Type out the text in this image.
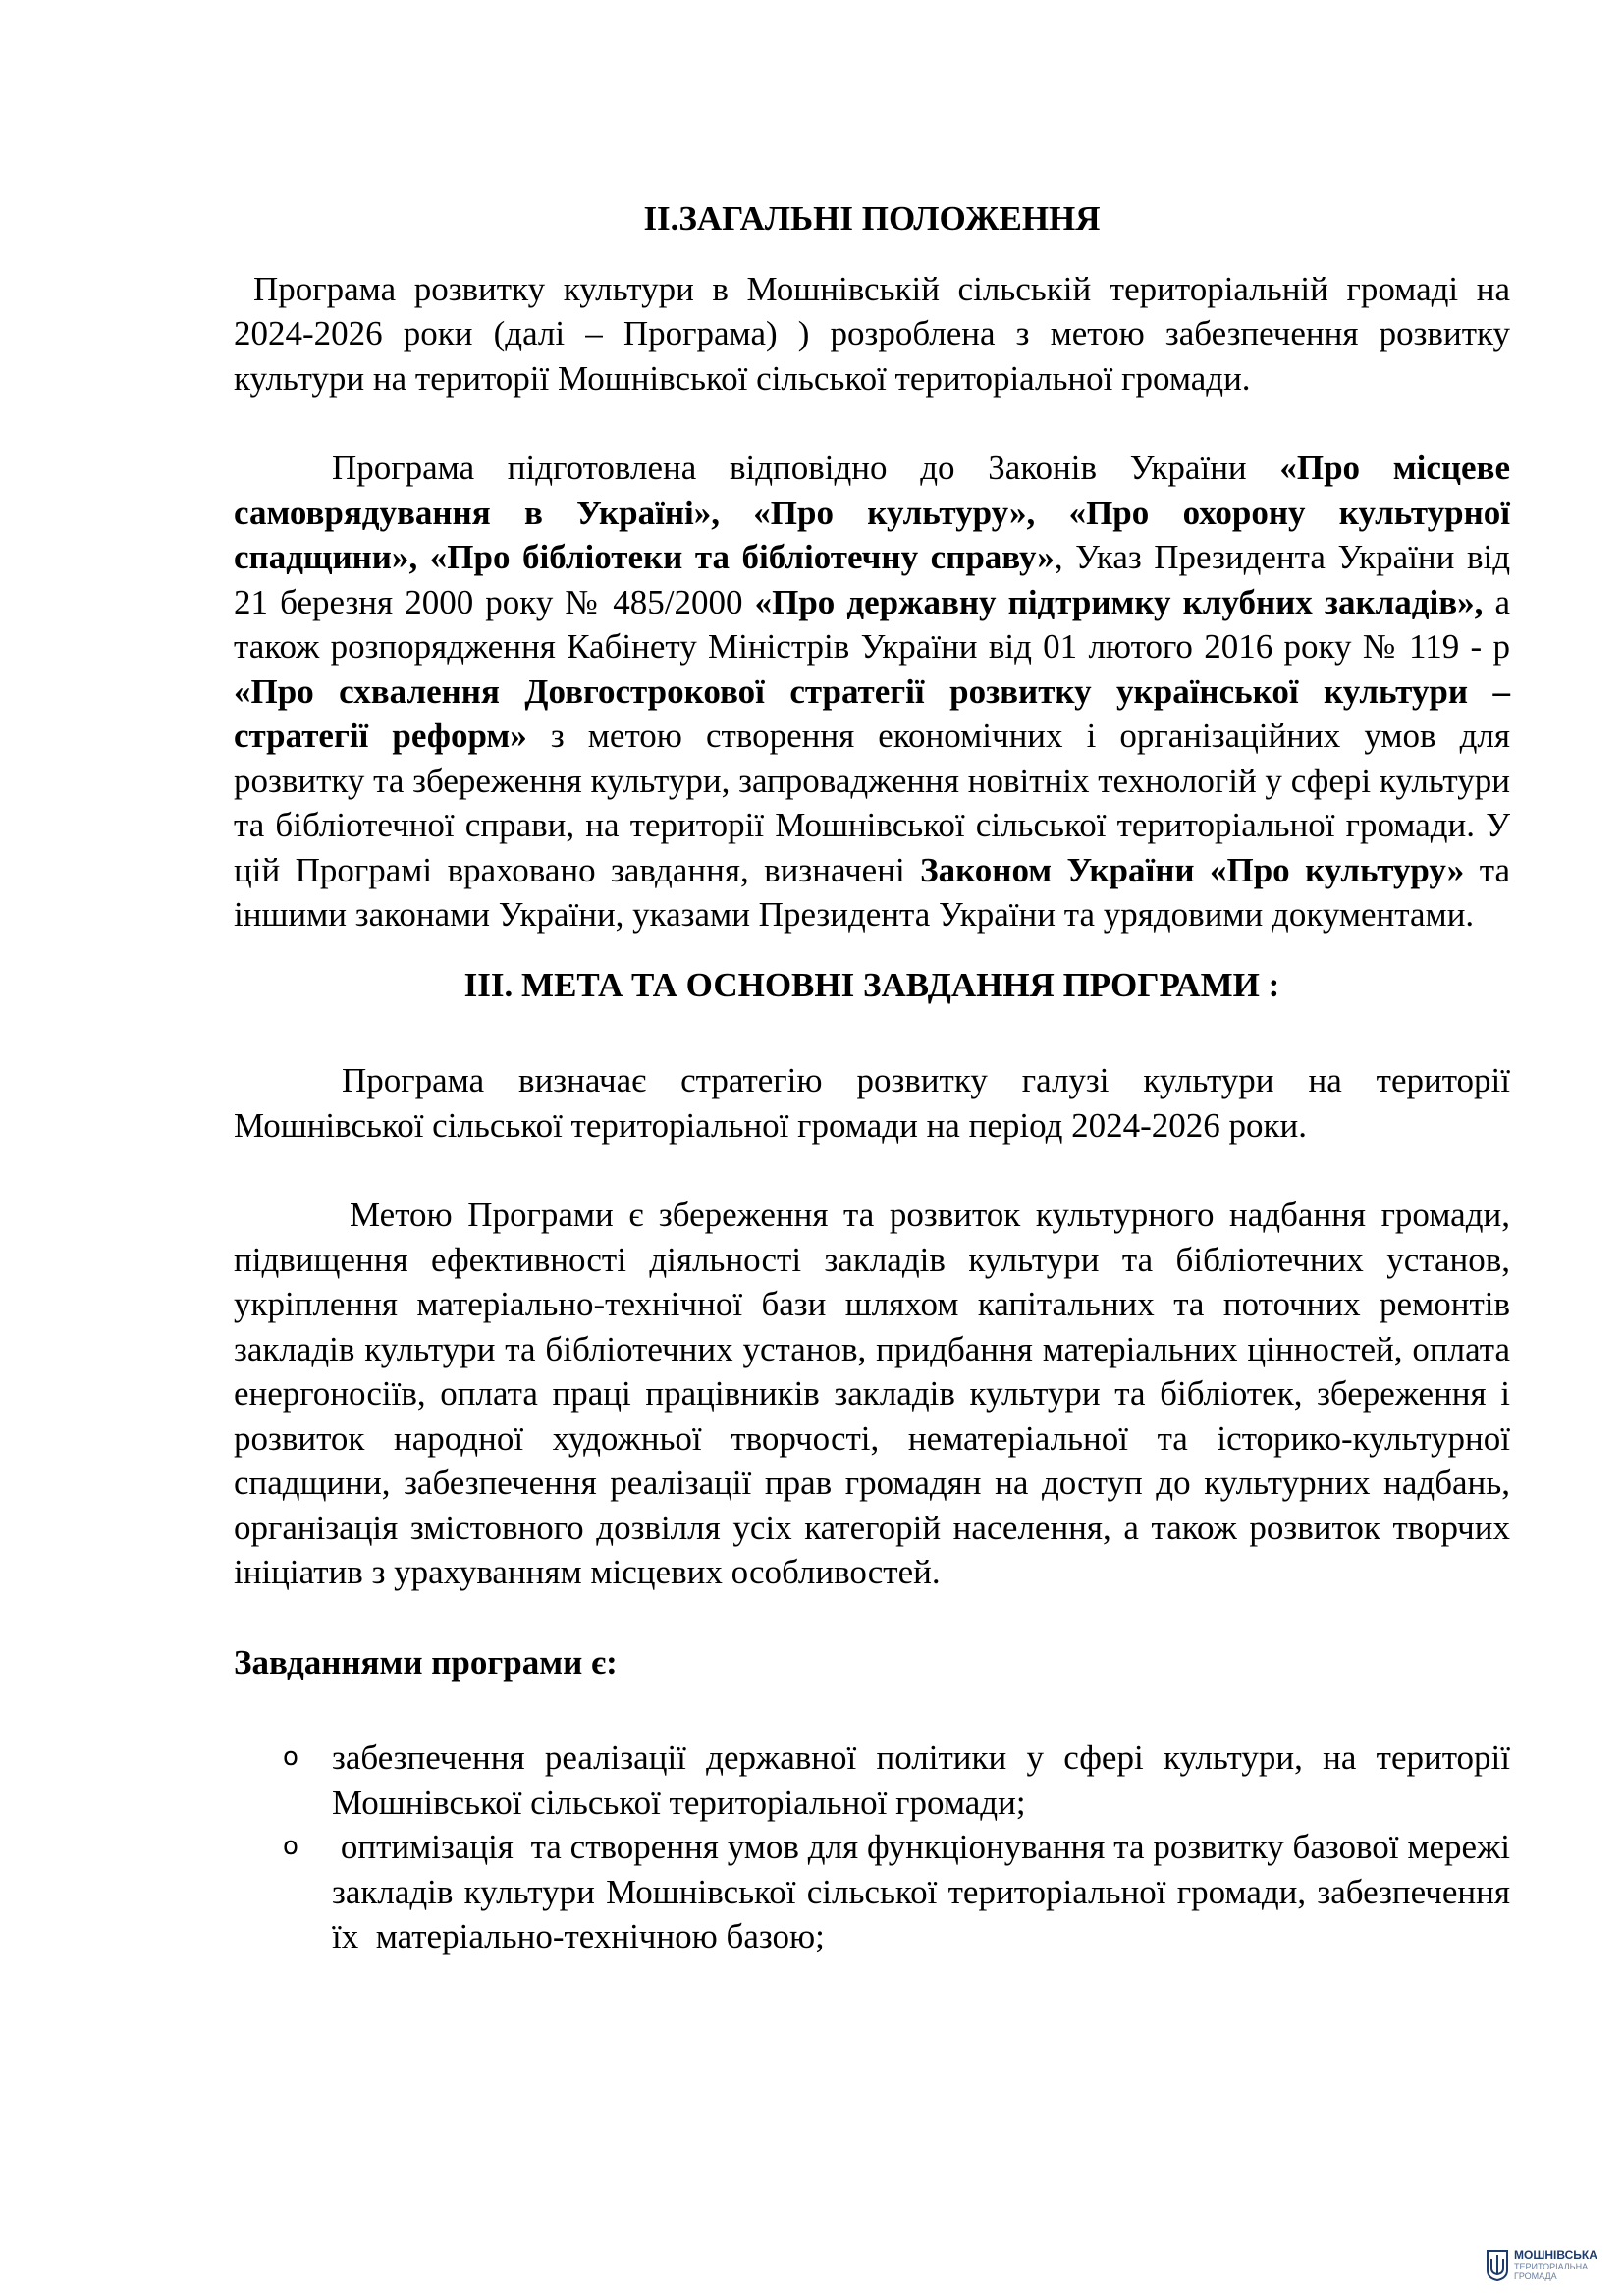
ІІ.ЗАГАЛЬНІ ПОЛОЖЕННЯ

Програма розвитку культури в Мошнівській сільській територіальній громаді на 2024-2026 роки (далі – Програма) ) розроблена з метою забезпечення розвитку культури на території Мошнівської сільської територіальної громади.

Програма підготовлена відповідно до Законів України «Про місцеве самоврядування в Україні», «Про культуру», «Про охорону культурної спадщини», «Про бібліотеки та бібліотечну справу», Указ Президента України від 21 березня 2000 року № 485/2000 «Про державну підтримку клубних закладів», а також розпорядження Кабінету Міністрів України від 01 лютого 2016 року № 119 - р «Про схвалення Довгострокової стратегії розвитку української культури – стратегії реформ» з метою створення економічних і організаційних умов для розвитку та збереження культури, запровадження новітніх технологій у сфері культури та бібліотечної справи, на території Мошнівської сільської територіальної громади. У цій Програмі враховано завдання, визначені Законом України «Про культуру» та іншими законами України, указами Президента України та урядовими документами.

ІІІ. МЕТА ТА ОСНОВНІ ЗАВДАННЯ ПРОГРАМИ :

Програма визначає стратегію розвитку галузі культури на території Мошнівської сільської територіальної громади на період 2024-2026 роки.

Метою Програми є збереження та розвиток культурного надбання громади, підвищення ефективності діяльності закладів культури та бібліотечних установ, укріплення матеріально-технічної бази шляхом капітальних та поточних ремонтів закладів культури та бібліотечних установ, придбання матеріальних цінностей, оплата енергоносіїв, оплата праці працівників закладів культури та бібліотек, збереження і розвиток народної художньої творчості, нематеріальної та історико-культурної спадщини, забезпечення реалізації прав громадян на доступ до культурних надбань, організація змістовного дозвілля усіх категорій населення, а також розвиток творчих ініціатив з урахуванням місцевих особливостей.

Завданнями програми є:

o забезпечення реалізації державної політики у сфері культури, на території Мошнівської сільської територіальної громади;
o оптимізація  та створення умов для функціонування та розвитку базової мережі закладів культури Мошнівської сільської територіальної громади, забезпечення їх  матеріально-технічною базою;
МОШНІВСЬКА
ТЕРИТОРІАЛЬНА
ГРОМАДА
